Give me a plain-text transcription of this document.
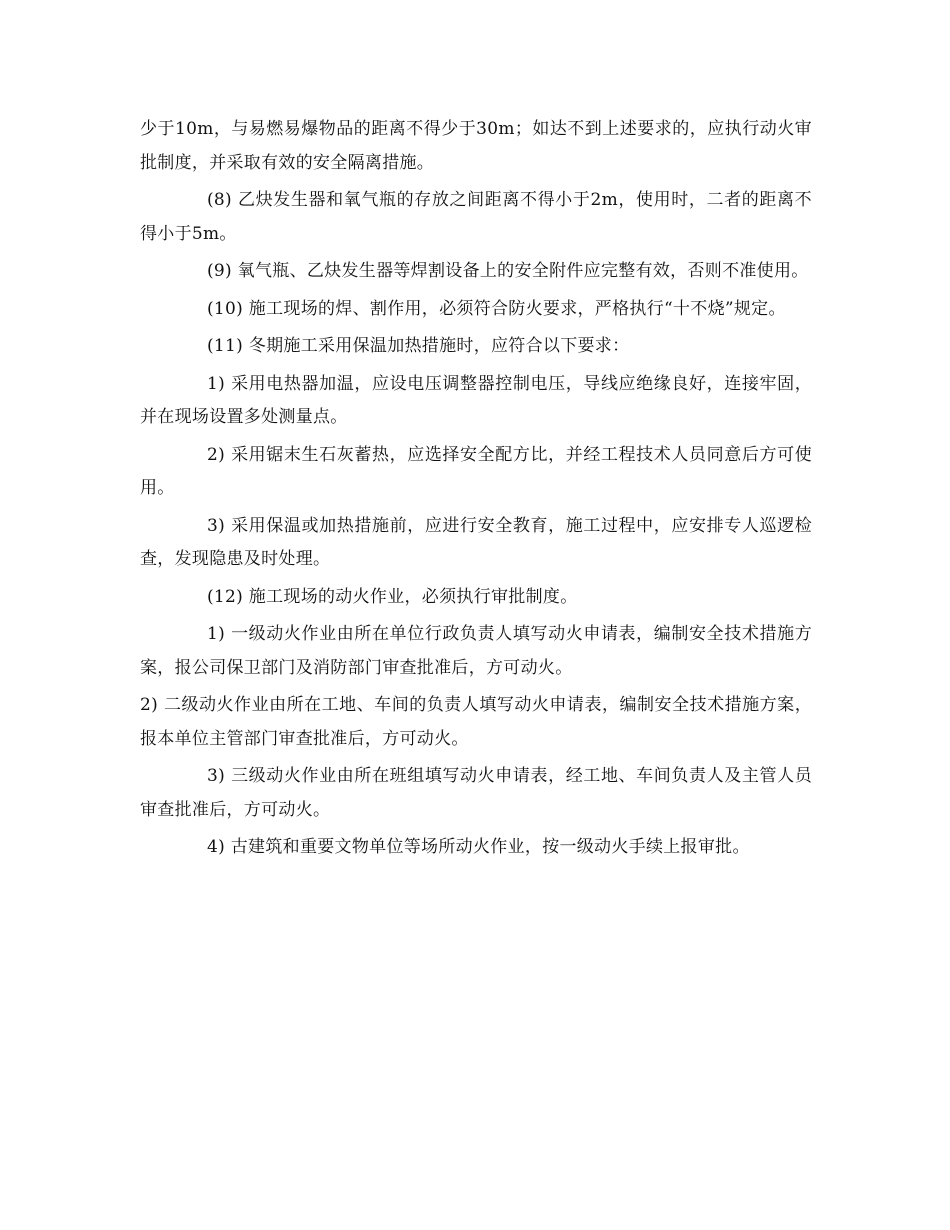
少于10m，与易燃易爆物品的距离不得少于30m；如达不到上述要求的，应执行动火审批制度，并采取有效的安全隔离措施。

(8) 乙炔发生器和氧气瓶的存放之间距离不得小于2m，使用时，二者的距离不得小于5m。

(9) 氧气瓶、乙炔发生器等焊割设备上的安全附件应完整有效，否则不准使用。

(10) 施工现场的焊、割作用，必须符合防火要求，严格执行“十不烧”规定。

(11) 冬期施工采用保温加热措施时，应符合以下要求：

1) 采用电热器加温，应设电压调整器控制电压，导线应绝缘良好，连接牢固，并在现场设置多处测量点。

2) 采用锯末生石灰蓄热，应选择安全配方比，并经工程技术人员同意后方可使用。

3) 采用保温或加热措施前，应进行安全教育，施工过程中，应安排专人巡逻检查，发现隐患及时处理。

(12) 施工现场的动火作业，必须执行审批制度。

1) 一级动火作业由所在单位行政负责人填写动火申请表，编制安全技术措施方案，报公司保卫部门及消防部门审查批准后，方可动火。

2) 二级动火作业由所在工地、车间的负责人填写动火申请表，编制安全技术措施方案，报本单位主管部门审查批准后，方可动火。

3) 三级动火作业由所在班组填写动火申请表，经工地、车间负责人及主管人员审查批准后，方可动火。

4) 古建筑和重要文物单位等场所动火作业，按一级动火手续上报审批。
